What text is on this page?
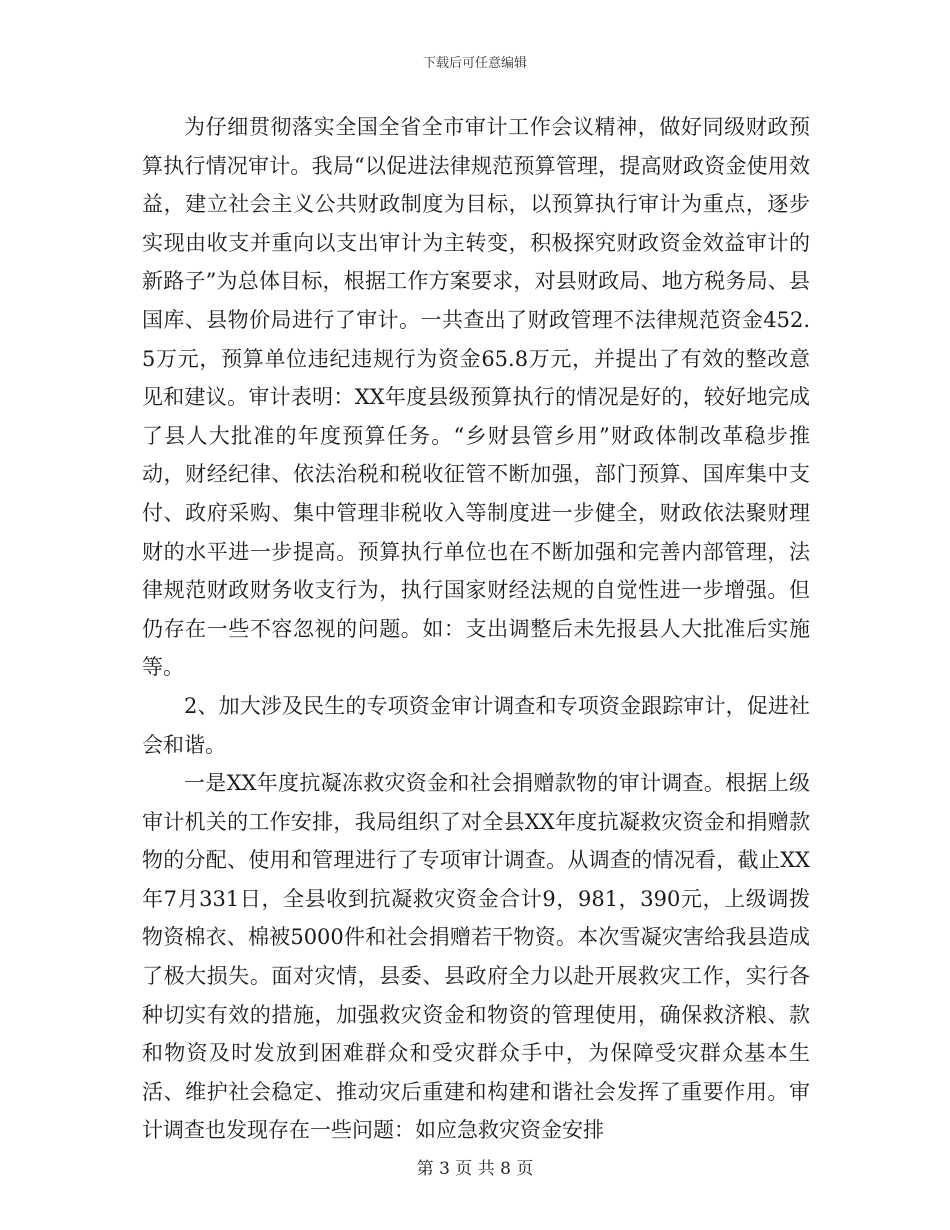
下载后可任意编辑

为仔细贯彻落实全国全省全市审计工作会议精神，做好同级财政预算执行情况审计。我局“以促进法律规范预算管理，提高财政资金使用效益，建立社会主义公共财政制度为目标，以预算执行审计为重点，逐步实现由收支并重向以支出审计为主转变，积极探究财政资金效益审计的新路子”为总体目标，根据工作方案要求，对县财政局、地方税务局、县国库、县物价局进行了审计。一共查出了财政管理不法律规范资金452.5万元，预算单位违纪违规行为资金65.8万元，并提出了有效的整改意见和建议。审计表明：XX年度县级预算执行的情况是好的，较好地完成了县人大批准的年度预算任务。“乡财县管乡用”财政体制改革稳步推动，财经纪律、依法治税和税收征管不断加强，部门预算、国库集中支付、政府采购、集中管理非税收入等制度进一步健全，财政依法聚财理财的水平进一步提高。预算执行单位也在不断加强和完善内部管理，法律规范财政财务收支行为，执行国家财经法规的自觉性进一步增强。但仍存在一些不容忽视的问题。如：支出调整后未先报县人大批准后实施等。

2、加大涉及民生的专项资金审计调查和专项资金跟踪审计，促进社会和谐。

一是XX年度抗凝冻救灾资金和社会捐赠款物的审计调查。根据上级审计机关的工作安排，我局组织了对全县XX年度抗凝救灾资金和捐赠款物的分配、使用和管理进行了专项审计调查。从调查的情况看，截止XX年7月331日，全县收到抗凝救灾资金合计9，981，390元，上级调拨物资棉衣、棉被5000件和社会捐赠若干物资。本次雪凝灾害给我县造成了极大损失。面对灾情，县委、县政府全力以赴开展救灾工作，实行各种切实有效的措施，加强救灾资金和物资的管理使用，确保救济粮、款和物资及时发放到困难群众和受灾群众手中，为保障受灾群众基本生活、维护社会稳定、推动灾后重建和构建和谐社会发挥了重要作用。审计调查也发现存在一些问题：如应急救灾资金安排

第 3 页 共 8 页
